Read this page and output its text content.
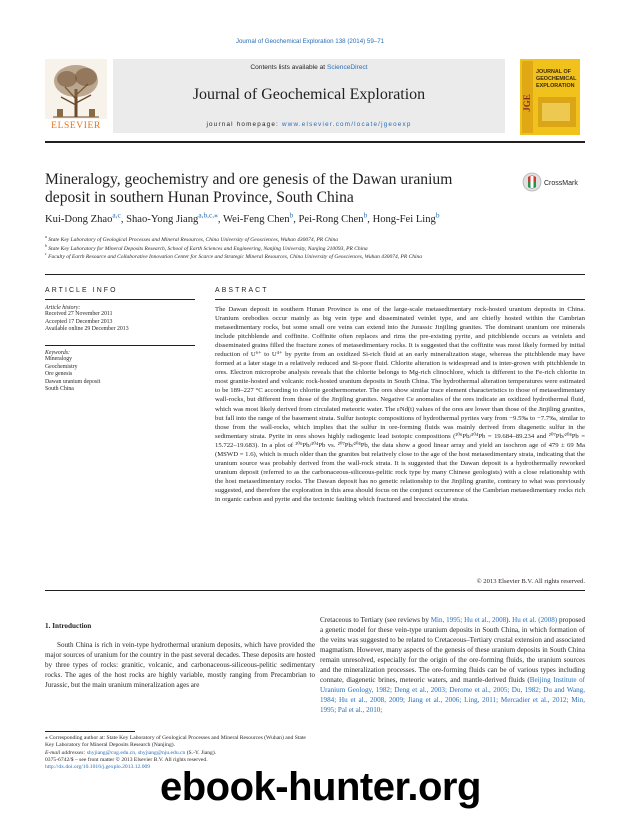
Journal of Geochemical Exploration 138 (2014) 59–71
ELSEVIER
Contents lists available at ScienceDirect
Journal of Geochemical Exploration
journal homepage: www.elsevier.com/locate/jgeoexp
JGE
JOURNAL OF
GEOCHEMICAL
EXPLORATION
Mineralogy, geochemistry and ore genesis of the Dawan uranium deposit in southern Hunan Province, South China
CrossMark
Kui-Dong Zhao$^{a,c}$, Shao-Yong Jiang$^{a,b,c,⁎}$, Wei-Feng Chen$^b$, Pei-Rong Chen$^b$, Hong-Fei Ling$^b$
$^a$ State Key Laboratory of Geological Processes and Mineral Resources, China University of Geosciences, Wuhan 430074, PR China
$^b$ State Key Laboratory for Mineral Deposits Research, School of Earth Sciences and Engineering, Nanjing University, Nanjing 210093, PR China
$^c$ Faculty of Earth Resource and Collaborative Innovation Center for Scarce and Strategic Mineral Resources, China University of Geosciences, Wuhan 430074, PR China
ARTICLE INFO	ABSTRACT
Article history:
Received 27 November 2011
Accepted 17 December 2013
Available online 29 December 2013
Keywords:
Mineralogy
Geochemistry
Ore genesis
Dawan uranium deposit
South China
The Dawan deposit in southern Hunan Province is one of the large-scale metasedimentary rock-hosted uranium deposits in China. Uranium orebodies occur mainly as big vein type and disseminated veinlet type, and are chiefly hosted within the Cambrian metasedimentary rocks, but some small ore veins can extend into the Jurassic Jinjiling granites. The dominant uranium ore minerals include pitchblende and coffinite. Coffinite often replaces and rims the pre-existing pyrite, and pitchblende occurs as veinlets and disseminated grains filled the fracture zones of metasedimentary rocks. It is suggested that the coffinite was most likely formed by initial reduction of U⁶⁺ to U⁴⁺ by pyrite from an oxidized Si-rich fluid at an early mineralization stage, whereas the pitchblende may have formed at a later stage in a relatively reduced and Si-poor fluid. Chlorite alteration is widespread and is inter-grown with pitchblende in ores. Electron microprobe analysis reveals that the chlorite belongs to Mg-rich clinochlore, which is different to the Fe-rich chlorite in most granite-hosted and volcanic rock-hosted uranium deposits in South China. The hydrothermal alteration temperatures were estimated to be 189–227 °C according to chlorite geothermometer. The ores show similar trace element characteristics to those of metasedimentary wall-rocks, but different from those of the Jinjiling granites. Negative Ce anomalies of the ores indicate an oxidized hydrothermal fluid, which was most likely derived from circulated meteoric water. The εNd(t) values of the ores are lower than those of the Jinjiling granites, but fall into the range of the basement strata. Sulfur isotopic compositions of hydrothermal pyrites vary from −9.5‰ to −7.7‰, similar to those from the wall-rocks, which implies that the sulfur in ore-forming fluids was mainly derived from diagenetic sulfur in the sedimentary strata. Pyrite in ores shows highly radiogenic lead isotopic compositions (²⁰⁶Pb/²⁰⁴Pb = 19.684–89.234 and ²⁰⁷Pb/²⁰⁴Pb = 15.722–19.683). In a plot of ²⁰⁶Pb/²⁰⁴Pb vs. ²⁰⁷Pb/²⁰⁴Pb, the data show a good linear array and yield an isochron age of 479 ± 69 Ma (MSWD = 1.6), which is much older than the granites but relatively close to the age of the host metasedimentary strata, indicating that the uranium source was probably derived from the wall-rock strata. It is suggested that the Dawan deposit is a hydrothermally reworked uranium deposit (referred to as the carbonaceous-siliceous-pelitic rock type by many Chinese geologists) with a close relationship with the host metasedimentary rocks. The Dawan deposit has no genetic relationship to the Jinjiling granite, contrary to what was previously suggested, and therefore the exploration in this area should focus on the conjunct occurrence of the Cambrian metasedimentary rocks rich in organic carbon and pyrite and the tectonic faulting which fractured and brecciated the strata.
© 2013 Elsevier B.V. All rights reserved.
1. Introduction
South China is rich in vein-type hydrothermal uranium deposits, which have provided the major sources of uranium for the country in the past several decades. These deposits are hosted by three types of rocks: granitic, volcanic, and carbonaceous-siliceous-pelitic sedimentary rocks. The ages of the host rocks are highly variable, mostly ranging from Precambrian to Jurassic, but the main uranium mineralization ages are
Cretaceous to Tertiary (see reviews by Min, 1995; Hu et al., 2008). Hu et al. (2008) proposed a genetic model for these vein-type uranium deposits in South China, in which formation of the veins was suggested to be related to Cretaceous–Tertiary crustal extension and associated magmatism. However, many aspects of the genesis of these uranium deposits in South China remain unresolved, especially for the origin of the ore-forming fluids, the uranium sources and the mineralization processes. The ore-forming fluids can be of various types including connate, diagenetic brines, meteoric waters, and mantle-derived fluids (Beijing Institute of Uranium Geology, 1982; Deng et al., 2003; Derome et al., 2005; Du, 1982; Du and Wang, 1984; Hu et al., 2008, 2009; Jiang et al., 2006; Ling, 2011; Mercadier et al., 2012; Min, 1995; Pal et al., 2010;
⁎ Corresponding author at: State Key Laboratory of Geological Processes and Mineral Resources (Wuhan) and State Key Laboratory for Mineral Deposits Research (Nanjing).
E-mail addresses: shyjiang@cug.edu.cn, shyjiang@nju.edu.cn (S.-Y. Jiang).
0375-6742/$ – see front matter © 2013 Elsevier B.V. All rights reserved.
http://dx.doi.org/10.1016/j.gexplo.2013.12.009 ebook-hunter.org
